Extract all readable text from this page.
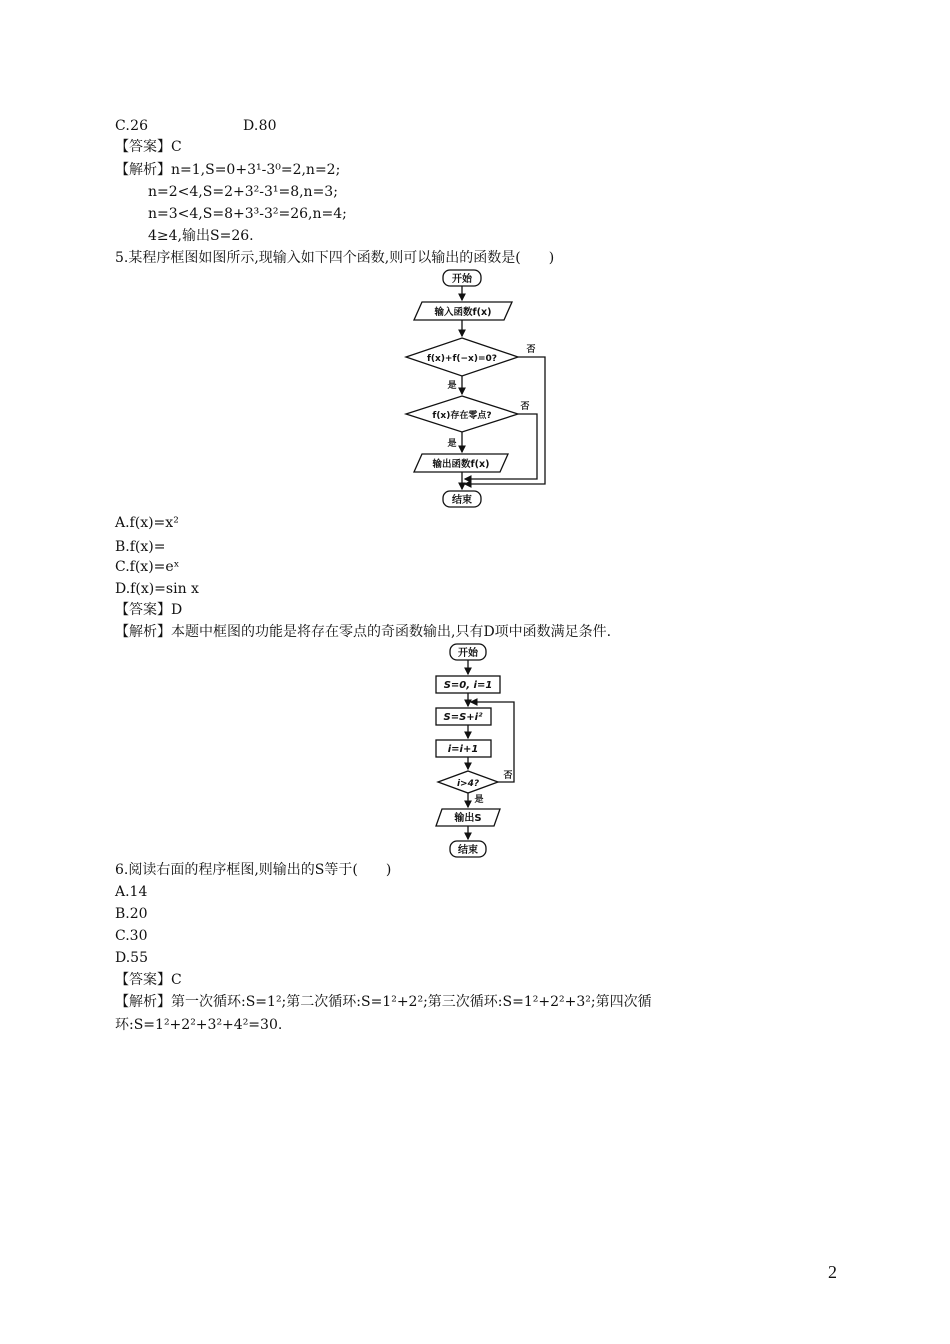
C.26	D.80
【答案】C
【解析】n=1,S=0+3¹-3⁰=2,n=2;
n=2<4,S=2+3²-3¹=8,n=3;
n=3<4,S=8+3³-3²=26,n=4;
4≥4,输出S=26.
5.某程序框图如图所示,现输入如下四个函数,则可以输出的函数是(　　)
开始
输入函数f(x)
f(x)+f(−x)=0?
f(x)存在零点?
输出函数f(x)
结束
是
是
否
否
A.f(x)=x²
B.f(x)=
C.f(x)=eˣ
D.f(x)=sin x
【答案】D
【解析】本题中框图的功能是将存在零点的奇函数输出,只有D项中函数满足条件.
开始
S=0, i=1
S=S+i²
i=i+1
i>4?
输出S
结束
是
否
6.阅读右面的程序框图,则输出的S等于(　　)
A.14
B.20
C.30
D.55
【答案】C
【解析】第一次循环:S=1²;第二次循环:S=1²+2²;第三次循环:S=1²+2²+3²;第四次循
环:S=1²+2²+3²+4²=30.
2
